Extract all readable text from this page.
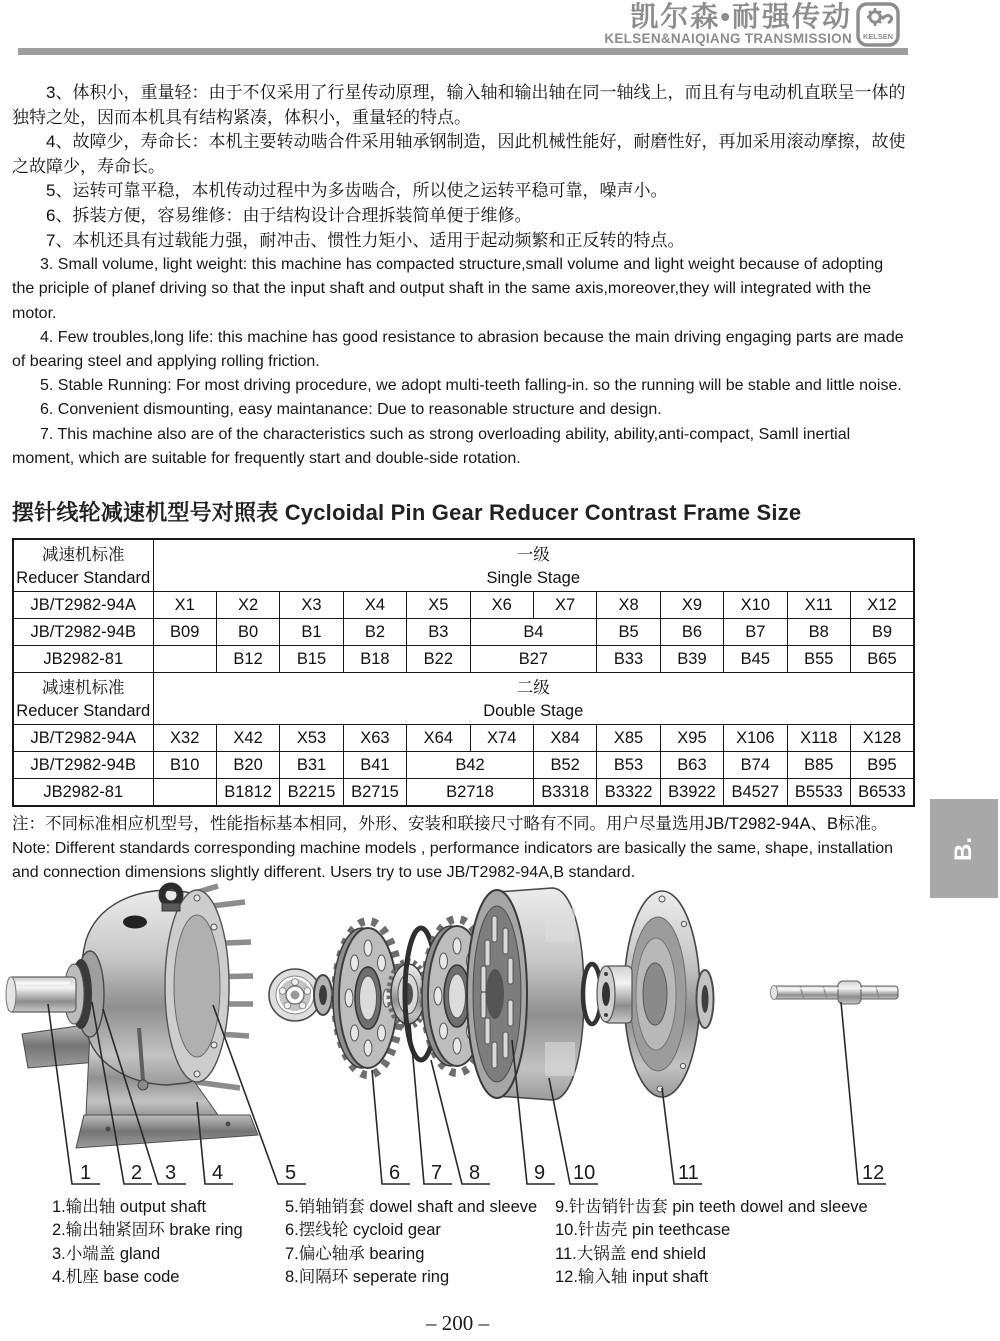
凯尔森•耐强传动
KELSEN&NAIQIANG TRANSMISSION KELSEN

3、体积小，重量轻：由于不仅采用了行星传动原理，输入轴和输出轴在同一轴线上，而且有与电动机直联呈一体的独特之处，因而本机具有结构紧凑，体积小，重量轻的特点。

4、故障少，寿命长：本机主要转动啮合件采用轴承钢制造，因此机械性能好，耐磨性好，再加采用滚动摩擦，故使之故障少，寿命长。

5、运转可靠平稳，本机传动过程中为多齿啮合，所以使之运转平稳可靠，噪声小。

6、拆装方便，容易维修：由于结构设计合理拆装简单便于维修。

7、本机还具有过载能力强，耐冲击、惯性力矩小、适用于起动频繁和正反转的特点。

3. Small volume, light weight: this machine has compacted structure,small volume and light weight because of adopting the priciple of planef driving so that the input shaft and output shaft in the same axis,moreover,they will integrated with the motor.

4. Few troubles,long life: this machine has good resistance to abrasion because the main driving engaging parts are made of bearing steel and applying rolling friction.

5. Stable Running: For most driving procedure, we adopt multi-teeth falling-in. so the running will be stable and little noise.

6. Convenient dismounting, easy maintanance: Due to reasonable structure and design.

7. This machine also are of the characteristics such as strong overloading ability, ability,anti-compact, Samll inertial moment, which are suitable for frequently start and double-side rotation.

摆针线轮减速机型号对照表 Cycloidal Pin Gear Reducer Contrast Frame Size
减速机标准
Reducer Standard

一级
Single Stage

JB/T2982-94A	X1	X2	X3	X4	X5	X6	X7	X8	X9	X10	X11	X12
JB/T2982-94B	B09	B0	B1	B2	B3	B4		B5	B6	B7	B8	B9
JB2982-81		B12	B15	B18	B22	B27		B33	B39	B45	B55	B65

减速机标准
Reducer Standard

二级
Double Stage

JB/T2982-94A	X32	X42	X53	X63	X64	X74	X84	X85	X95	X106	X118	X128
JB/T2982-94B	B10	B20	B31	B41	B42		B52	B53	B63	B74	B85	B95
JB2982-81		B1812	B2215	B2715	B2718		B3318	B3322	B3922	B4527	B5533	B6533

注：不同标准相应机型号，性能指标基本相同，外形、安装和联接尺寸略有不同。用户尽量选用JB/T2982-94A、B标准。

Note: Different standards corresponding machine models , performance indicators are basically the same, shape, installation and connection dimensions slightly different. Users try to use JB/T2982-94A,B standard.

B.
1 2 3 4	5	6 7 8	9 10	11	12

1.输出轴 output shaft

2.输出轴紧固环 brake ring

3.小端盖 gland

4.机座 base code

5.销轴销套 dowel shaft and sleeve

6.摆线轮 cycloid gear

7.偏心轴承 bearing

8.间隔环 seperate ring

9.针齿销针齿套 pin teeth dowel and sleeve

10.针齿壳 pin teethcase

11.大锅盖 end shield

12.输入轴 input shaft

– 200 –
